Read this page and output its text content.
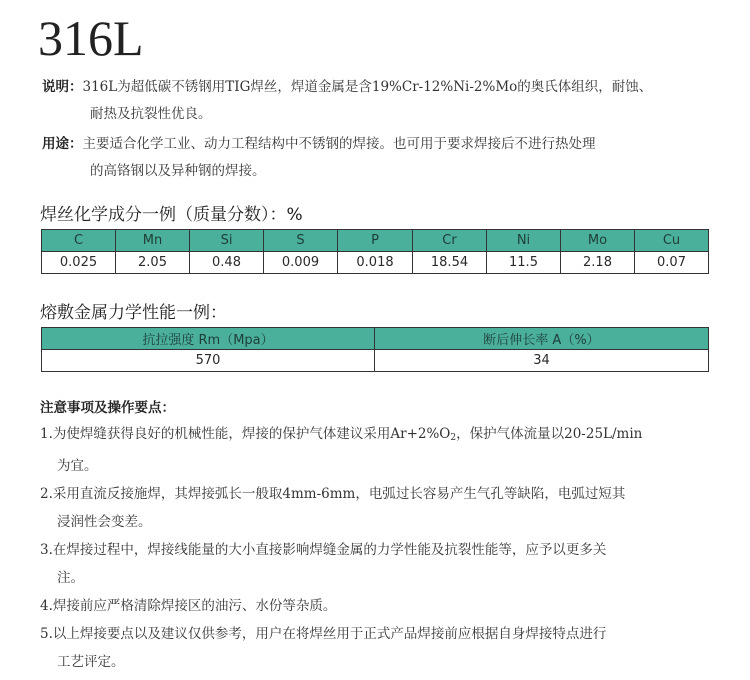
316L
说明：316L为超低碳不锈钢用TIG焊丝，焊道金属是含19%Cr-12%Ni-2%Mo的奥氏体组织，耐蚀、
耐热及抗裂性优良。
用途：主要适合化学工业、动力工程结构中不锈钢的焊接。也可用于要求焊接后不进行热处理
的高铬钢以及异种钢的焊接。
焊丝化学成分一例（质量分数）：%
C	Mn	Si	S	P	Cr	Ni	Mo	Cu
0.025	2.05	0.48	0.009	0.018	18.54	11.5	2.18	0.07
熔敷金属力学性能一例：
抗拉强度 Rm（Mpa）	断后伸长率 A（%）
570	34
注意事项及操作要点：
1.为使焊缝获得良好的机械性能，焊接的保护气体建议采用$Ar+2\%O_2$，保护气体流量以20-25L/min
为宜。
2.采用直流反接施焊，其焊接弧长一般取4mm-6mm，电弧过长容易产生气孔等缺陷，电弧过短其
浸润性会变差。
3.在焊接过程中，焊接线能量的大小直接影响焊缝金属的力学性能及抗裂性能等，应予以更多关
注。
4.焊接前应严格清除焊接区的油污、水份等杂质。
5.以上焊接要点以及建议仅供参考，用户在将焊丝用于正式产品焊接前应根据自身焊接特点进行
工艺评定。
